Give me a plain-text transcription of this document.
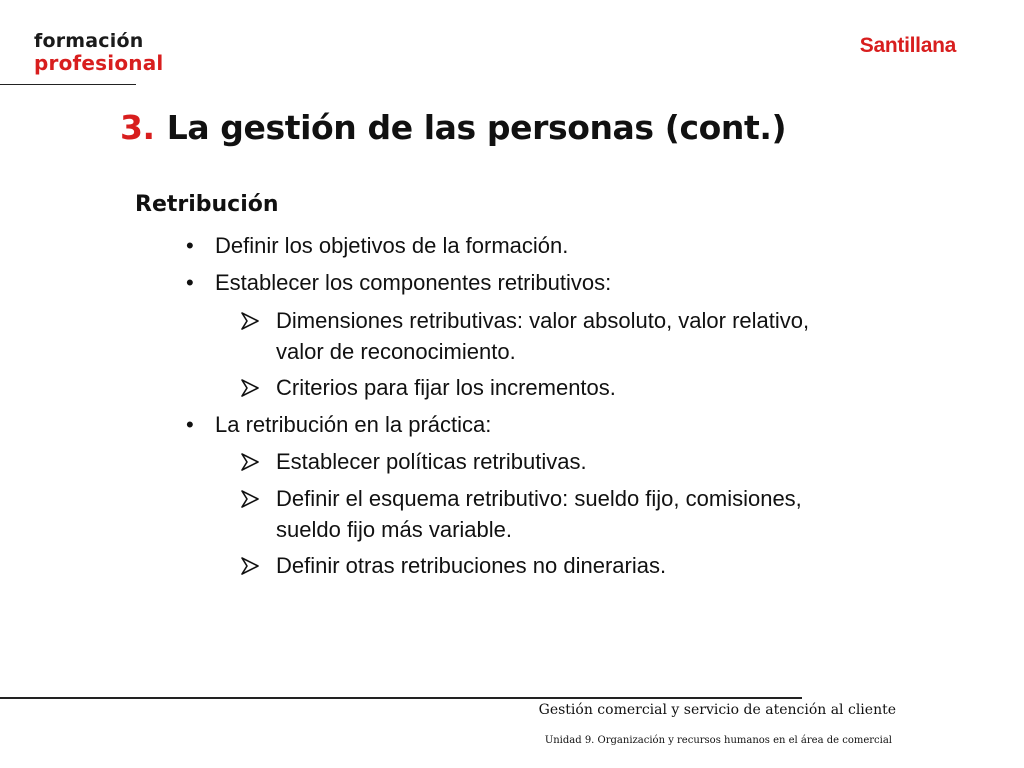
formación
profesional
Santillana
3. La gestión de las personas (cont.)
Retribución
• Definir los objetivos de la formación.
• Establecer los componentes retributivos:
Dimensiones retributivas: valor absoluto, valor relativo, valor de reconocimiento.
Criterios para fijar los incrementos.
• La retribución en la práctica:
Establecer políticas retributivas.
Definir el esquema retributivo: sueldo fijo, comisiones, sueldo fijo más variable.
Definir otras retribuciones no dinerarias.
Gestión comercial y servicio de atención al cliente
Unidad 9. Organización y recursos humanos en el área de comercial
